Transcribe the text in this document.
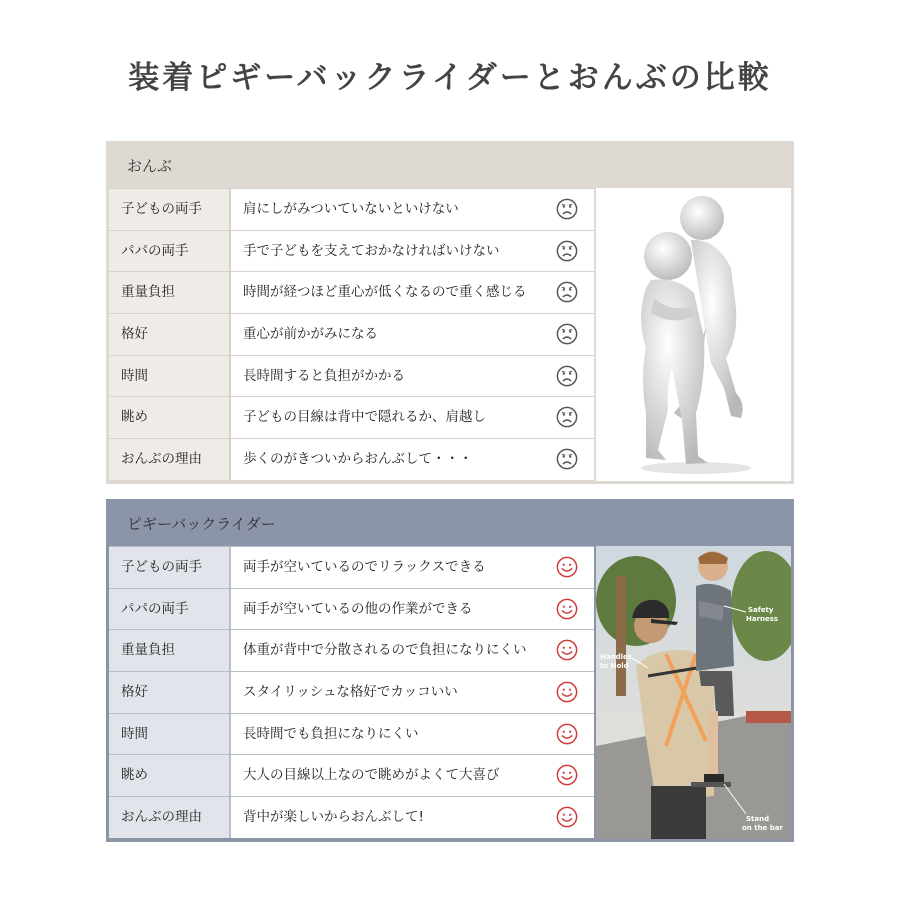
装着ピギーバックライダーとおんぶの比較
おんぶ
子どもの両手	肩にしがみついていないといけない
パパの両手	手で子どもを支えておかなければいけない
重量負担	時間が経つほど重心が低くなるので重く感じる
格好	重心が前かがみになる
時間	長時間すると負担がかかる
眺め	子どもの目線は背中で隠れるか、肩越し
おんぶの理由	歩くのがきついからおんぶして・・・
ピギーバックライダー
子どもの両手	両手が空いているのでリラックスできる
パパの両手	両手が空いているの他の作業ができる
重量負担	体重が背中で分散されるので負担になりにくい
格好	スタイリッシュな格好でカッコいい
時間	長時間でも負担になりにくい
眺め	大人の目線以上なので眺めがよくて大喜び
おんぶの理由	背中が楽しいからおんぶして!
Safety
Harness
Handles
to Hold
Stand
on the bar
